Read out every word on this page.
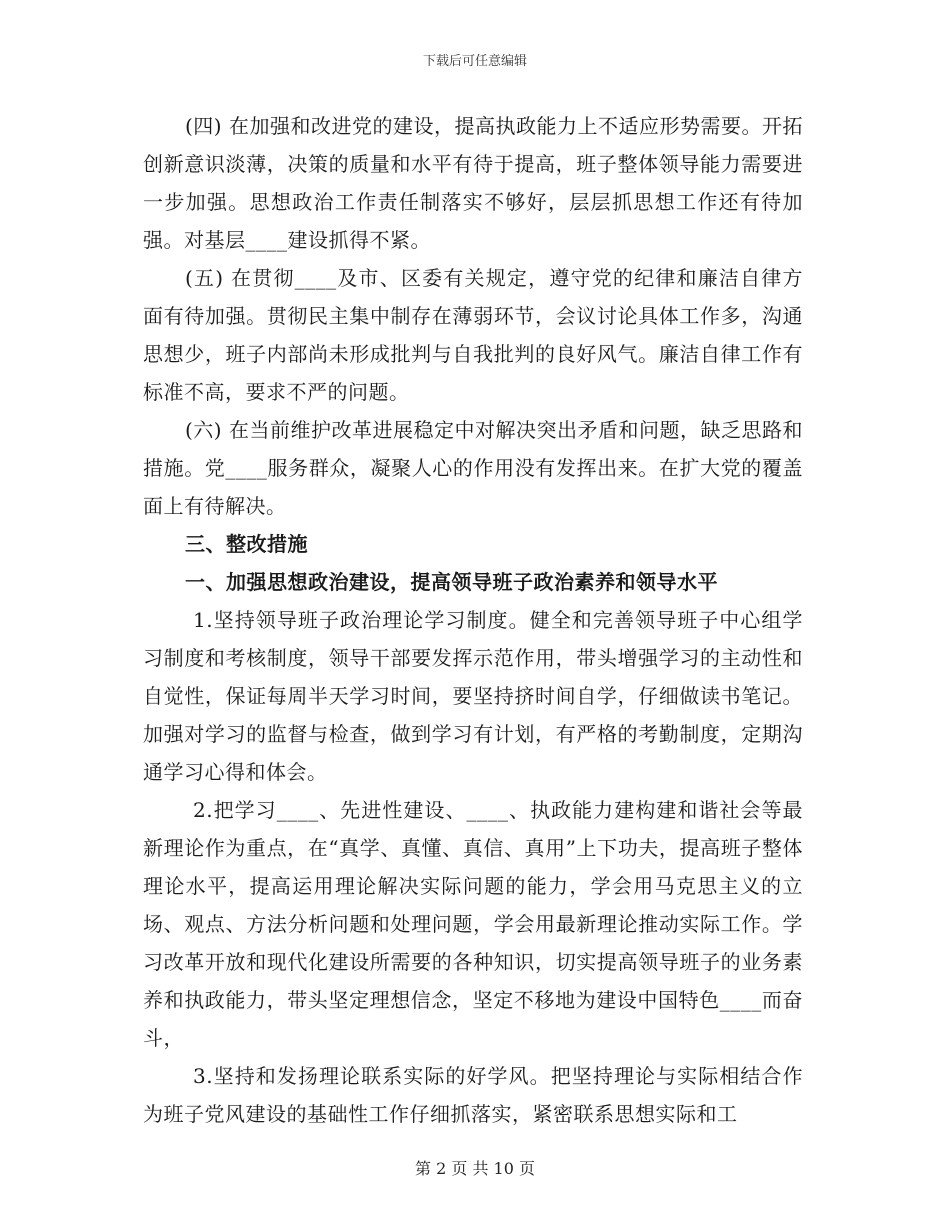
下载后可任意编辑

(四) 在加强和改进党的建设，提高执政能力上不适应形势需要。开拓创新意识淡薄，决策的质量和水平有待于提高，班子整体领导能力需要进一步加强。思想政治工作责任制落实不够好，层层抓思想工作还有待加强。对基层____建设抓得不紧。

(五) 在贯彻____及市、区委有关规定，遵守党的纪律和廉洁自律方面有待加强。贯彻民主集中制存在薄弱环节，会议讨论具体工作多，沟通思想少，班子内部尚未形成批判与自我批判的良好风气。廉洁自律工作有标准不高，要求不严的问题。

(六) 在当前维护改革进展稳定中对解决突出矛盾和问题，缺乏思路和措施。党____服务群众，凝聚人心的作用没有发挥出来。在扩大党的覆盖面上有待解决。

三、整改措施

一、加强思想政治建设，提高领导班子政治素养和领导水平

1.坚持领导班子政治理论学习制度。健全和完善领导班子中心组学习制度和考核制度，领导干部要发挥示范作用，带头增强学习的主动性和自觉性，保证每周半天学习时间，要坚持挤时间自学，仔细做读书笔记。加强对学习的监督与检查，做到学习有计划，有严格的考勤制度，定期沟通学习心得和体会。

2.把学习____、先进性建设、____、执政能力建构建和谐社会等最新理论作为重点，在“真学、真懂、真信、真用”上下功夫，提高班子整体理论水平，提高运用理论解决实际问题的能力，学会用马克思主义的立场、观点、方法分析问题和处理问题，学会用最新理论推动实际工作。学习改革开放和现代化建设所需要的各种知识，切实提高领导班子的业务素养和执政能力，带头坚定理想信念，坚定不移地为建设中国特色____而奋斗，

3.坚持和发扬理论联系实际的好学风。把坚持理论与实际相结合作为班子党风建设的基础性工作仔细抓落实，紧密联系思想实际和工

第 2 页 共 10 页
